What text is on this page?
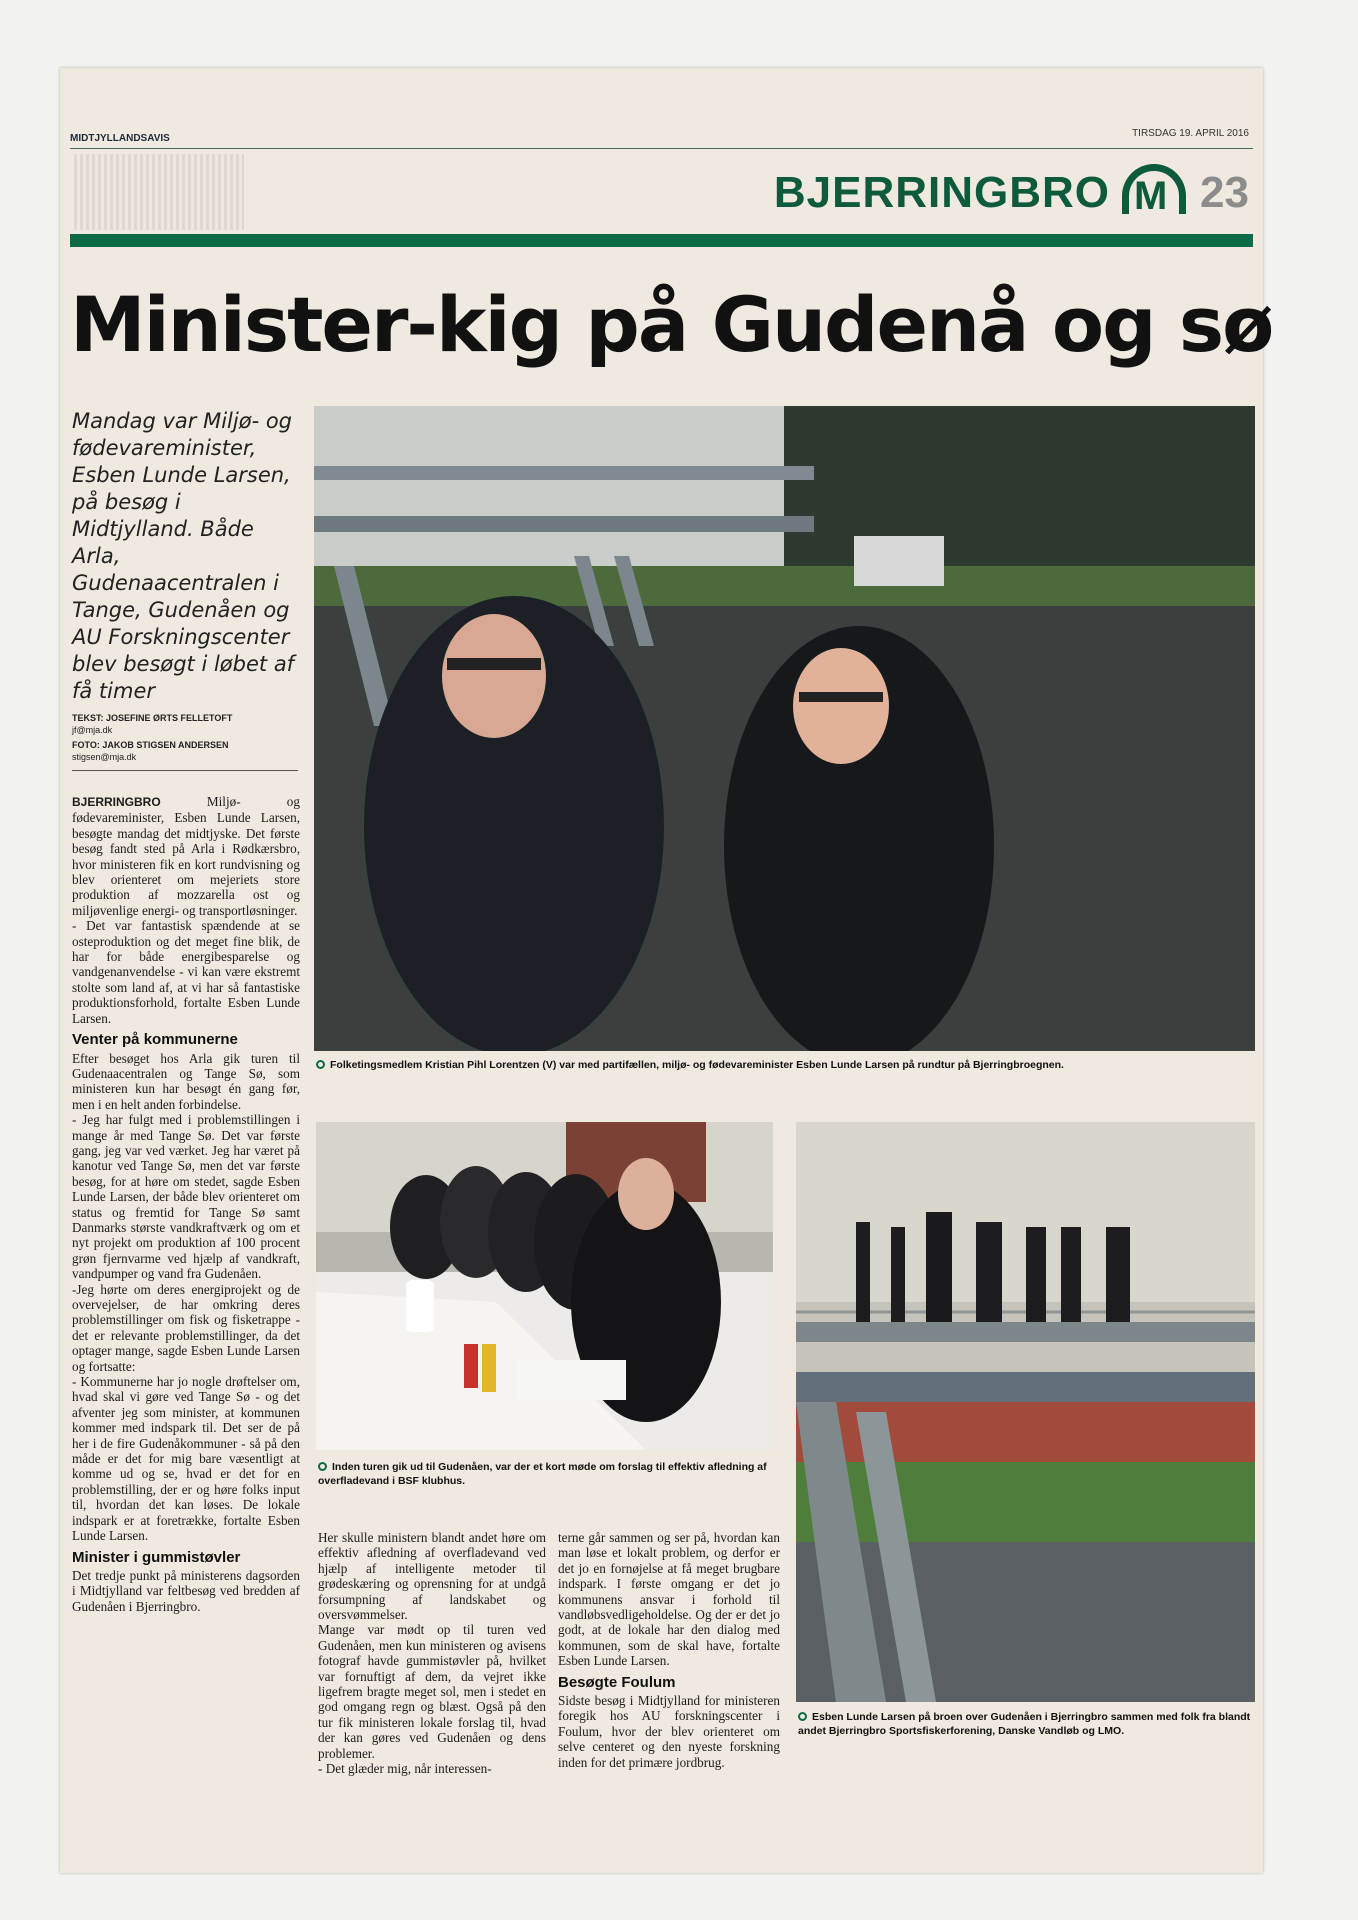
MIDTJYLLANDSAVIS	TIRSDAG 19. APRIL 2016
BJERRINGBRO M 23
Minister-kig på Gudenå og sø
Mandag var Miljø- og fødevareminister, Esben Lunde Larsen, på besøg i Midtjylland. Både Arla, Gudenaacentralen i Tange, Gudenåen og AU Forskningscenter blev besøgt i løbet af få timer
TEKST: JOSEFINE ØRTS FELLETOFT
jf@mja.dk
FOTO: JAKOB STIGSEN ANDERSEN
stigsen@mja.dk
Folketingsmedlem Kristian Pihl Lorentzen (V) var med partifællen, miljø- og fødevareminister Esben Lunde Larsen på rundtur på Bjerringbroegnen.
Inden turen gik ud til Gudenåen, var der et kort møde om forslag til effektiv afledning af overfladevand i BSF klubhus.
Esben Lunde Larsen på broen over Gudenåen i Bjerringbro sammen med folk fra blandt andet Bjerringbro Sportsfiskerforening, Danske Vandløb og LMO.

BJERRINGBRO Miljø- og fødevareminister, Esben Lunde Larsen, besøgte mandag det midtjyske. Det første besøg fandt sted på Arla i Rødkærsbro, hvor ministeren fik en kort rundvisning og blev orienteret om mejeriets store produktion af mozzarella ost og miljøvenlige energi- og transportløsninger.

- Det var fantastisk spændende at se osteproduktion og det meget fine blik, de har for både energibesparelse og vandgenanvendelse - vi kan være ekstremt stolte som land af, at vi har så fantastiske produktionsforhold, fortalte Esben Lunde Larsen.

Venter på kommunerne

Efter besøget hos Arla gik turen til Gudenaacentralen og Tange Sø, som ministeren kun har besøgt én gang før, men i en helt anden forbindelse.

- Jeg har fulgt med i problemstillingen i mange år med Tange Sø. Det var første gang, jeg var ved værket. Jeg har været på kanotur ved Tange Sø, men det var første besøg, for at høre om stedet, sagde Esben Lunde Larsen, der både blev orienteret om status og fremtid for Tange Sø samt Danmarks største vandkraftværk og om et nyt projekt om produktion af 100 procent grøn fjernvarme ved hjælp af vandkraft, vandpumper og vand fra Gudenåen.

-Jeg hørte om deres energiprojekt og de overvejelser, de har omkring deres problemstillinger om fisk og fisketrappe - det er relevante problemstillinger, da det optager mange, sagde Esben Lunde Larsen og fortsatte:

- Kommunerne har jo nogle drøftelser om, hvad skal vi gøre ved Tange Sø - og det afventer jeg som minister, at kommunen kommer med indspark til. Det ser de på her i de fire Gudenåkommuner - så på den måde er det for mig bare væsentligt at komme ud og se, hvad er det for en problemstilling, der er og høre folks input til, hvordan det kan løses. De lokale indspark er at foretrække, fortalte Esben Lunde Larsen.

Minister i gummistøvler

Det tredje punkt på ministerens dagsorden i Midtjylland var feltbesøg ved bredden af Gudenåen i Bjerringbro.

Her skulle ministern blandt andet høre om effektiv afledning af overfladevand ved hjælp af intelligente metoder til grødeskæring og oprensning for at undgå forsumpning af landskabet og oversvømmelser.

Mange var mødt op til turen ved Gudenåen, men kun ministeren og avisens fotograf havde gummistøvler på, hvilket var fornuftigt af dem, da vejret ikke ligefrem bragte meget sol, men i stedet en god omgang regn og blæst. Også på den tur fik ministeren lokale forslag til, hvad der kan gøres ved Gudenåen og dens problemer.

- Det glæder mig, når interessen-

terne går sammen og ser på, hvordan kan man løse et lokalt problem, og derfor er det jo en fornøjelse at få meget brugbare indspark. I første omgang er det jo kommunens ansvar i forhold til vandløbsvedligeholdelse. Og der er det jo godt, at de lokale har den dialog med kommunen, som de skal have, fortalte Esben Lunde Larsen.

Besøgte Foulum

Sidste besøg i Midtjylland for ministeren foregik hos AU forskningscenter i Foulum, hvor der blev orienteret om selve centeret og den nyeste forskning inden for det primære jordbrug.
